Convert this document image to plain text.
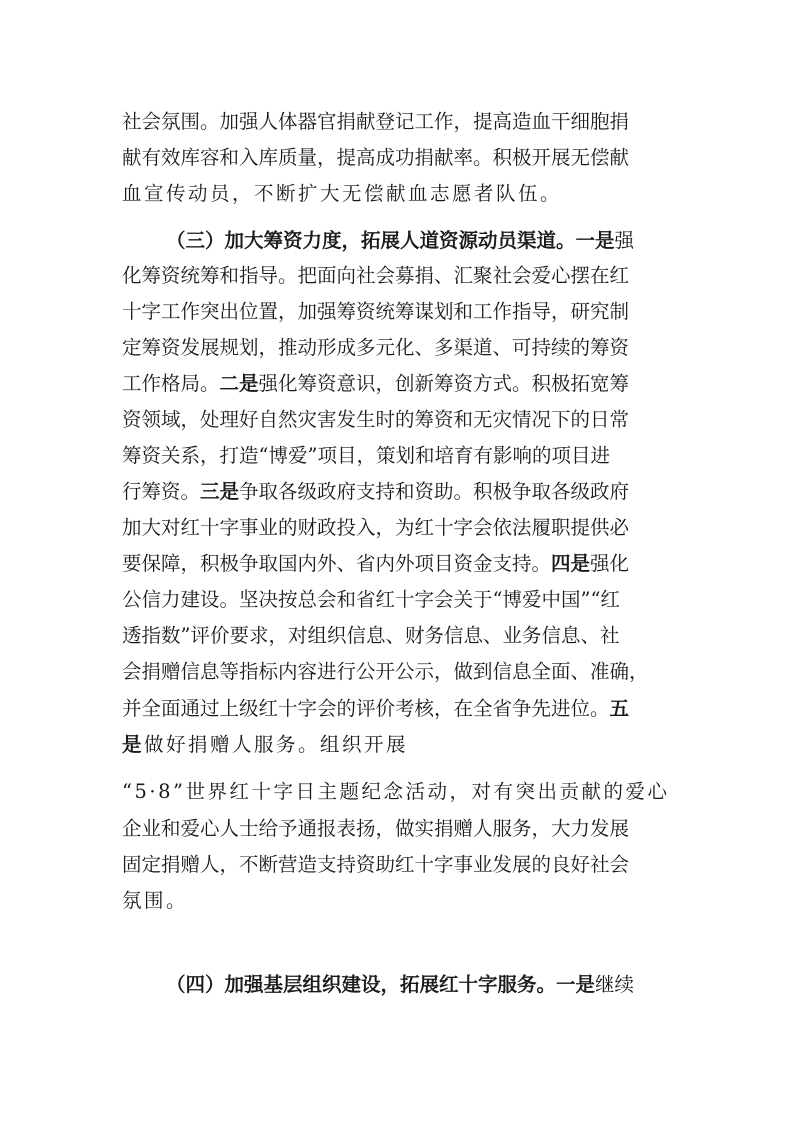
社会氛围。加强人体器官捐献登记工作，提高造血干细胞捐
献有效库容和入库质量，提高成功捐献率。积极开展无偿献
血宣传动员，不断扩大无偿献血志愿者队伍。
（三）加大筹资力度，拓展人道资源动员渠道。一是强
化筹资统筹和指导。把面向社会募捐、汇聚社会爱心摆在红
十字工作突出位置，加强筹资统筹谋划和工作指导，研究制
定筹资发展规划，推动形成多元化、多渠道、可持续的筹资
工作格局。二是强化筹资意识，创新筹资方式。积极拓宽筹
资领域，处理好自然灾害发生时的筹资和无灾情况下的日常
筹资关系，打造“博爱”项目，策划和培育有影响的项目进
行筹资。三是争取各级政府支持和资助。积极争取各级政府
加大对红十字事业的财政投入，为红十字会依法履职提供必
要保障，积极争取国内外、省内外项目资金支持。四是强化
公信力建设。坚决按总会和省红十字会关于“博爱中国”“红
透指数”评价要求，对组织信息、财务信息、业务信息、社
会捐赠信息等指标内容进行公开公示，做到信息全面、准确，
并全面通过上级红十字会的评价考核，在全省争先进位。五
是做好捐赠人服务。组织开展
“5·8”世界红十字日主题纪念活动，对有突出贡献的爱心
企业和爱心人士给予通报表扬，做实捐赠人服务，大力发展
固定捐赠人，不断营造支持资助红十字事业发展的良好社会
氛围。
（四）加强基层组织建设，拓展红十字服务。一是继续
